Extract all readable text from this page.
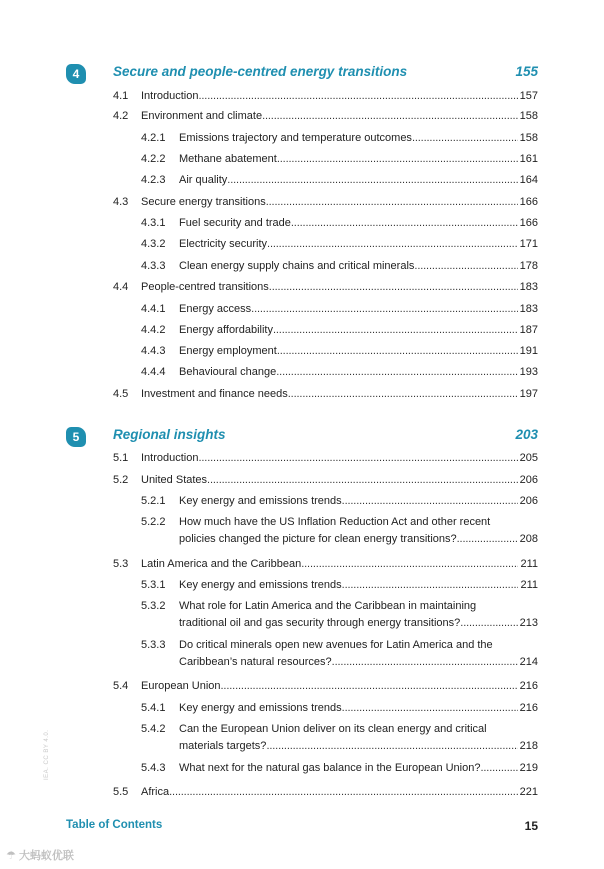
4	Secure and people-centred energy transitions	155
4.1 Introduction . . .	157
4.2 Environment and climate . . .	158
4.2.1 Emissions trajectory and temperature outcomes . . .	158
4.2.2 Methane abatement . . .	161
4.2.3 Air quality . . .	164
4.3 Secure energy transitions . . .	166
4.3.1 Fuel security and trade . . .	166
4.3.2 Electricity security . . .	171
4.3.3 Clean energy supply chains and critical minerals . . .	178
4.4 People-centred transitions . . .	183
4.4.1 Energy access . . .	183
4.4.2 Energy affordability . . .	187
4.4.3 Energy employment . . .	191
4.4.4 Behavioural change . . .	193
4.5 Investment and finance needs . . .	197
5	Regional insights	203
5.1 Introduction . . .	205
5.2 United States . . .	206
5.2.1 Key energy and emissions trends . . .	206
5.2.2 How much have the US Inflation Reduction Act and other recent
policies changed the picture for clean energy transitions? . . .	208
5.3 Latin America and the Caribbean . . .	211
5.3.1 Key energy and emissions trends . . .	211
5.3.2 What role for Latin America and the Caribbean in maintaining
traditional oil and gas security through energy transitions? . . .	213
5.3.3 Do critical minerals open new avenues for Latin America and the
Caribbean’s natural resources? . . .	214
5.4 European Union . . .	216
5.4.1 Key energy and emissions trends . . .	216
5.4.2 Can the European Union deliver on its clean energy and critical
materials targets? . . .	218
5.4.3 What next for the natural gas balance in the European Union? . . .	219
5.5 Africa . . .	221
IEA. CC BY 4.0.
Table of Contents	15
☂ 大蚂蚁优联
